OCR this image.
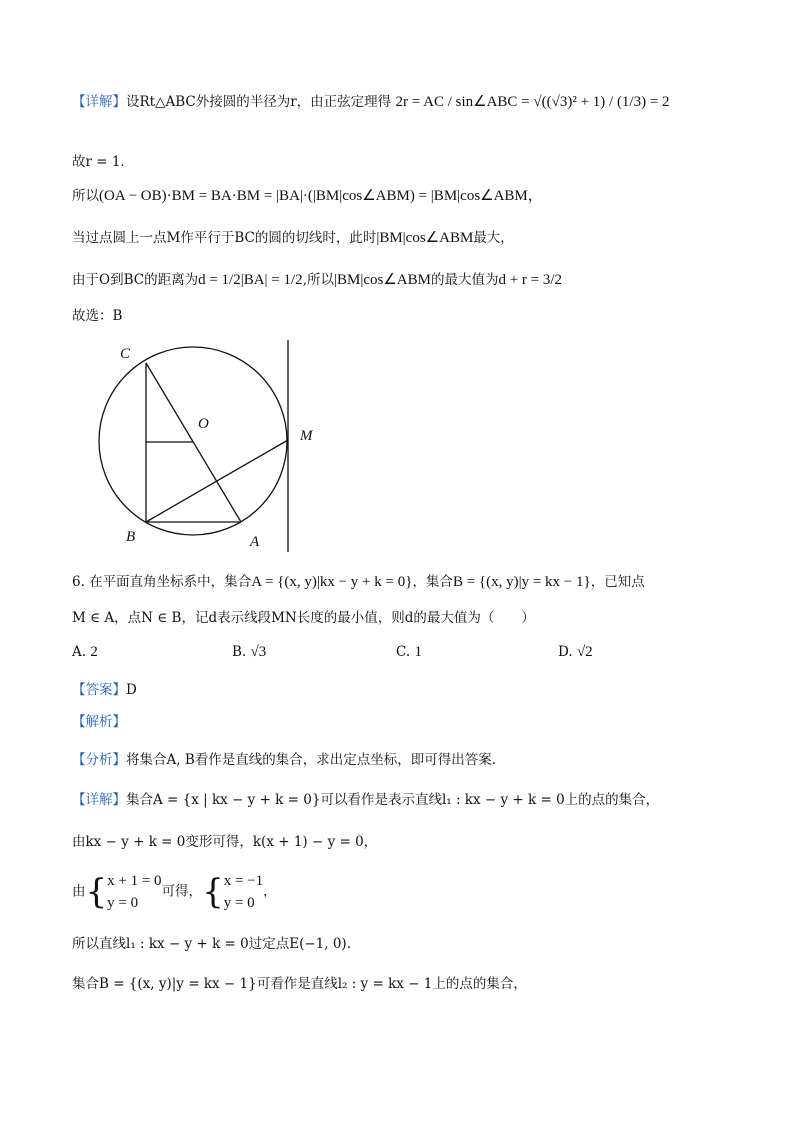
【详解】设Rt△ABC外接圆的半径为r，由正弦定理得 2r = AC / sin∠ABC = √((√3)² + 1) / (1/3) = 2
故r = 1．
所以(OA − OB)·BM = BA·BM = |BA|·(|BM|cos∠ABM) = |BM|cos∠ABM，
当过点圆上一点M作平行于BC的圆的切线时，此时|BM|cos∠ABM最大，
由于O到BC的距离为d = 1/2|BA| = 1/2,所以|BM|cos∠ABM的最大值为d + r = 3/2
故选：B
C
O
M
B	A
6. 在平面直角坐标系中，集合A = {(x, y)|kx − y + k = 0}，集合B = {(x, y)|y = kx − 1}，已知点
M ∈ A，点N ∈ B，记d表示线段MN长度的最小值，则d的最大值为（　　）
A. 2	B. √3	C. 1	D. √2
【答案】D
【解析】
【分析】将集合A, B看作是直线的集合，求出定点坐标，即可得出答案.
【详解】集合A = {x | kx − y + k = 0}可以看作是表示直线l₁ : kx − y + k = 0上的点的集合，
由kx − y + k = 0变形可得，k(x + 1) − y = 0，
由{ x + 1 = 0
y = 0
可得，{ x = −1
y = 0
，
所以直线l₁ : kx − y + k = 0过定点E(−1, 0).
集合B = {(x, y)|y = kx − 1}可看作是直线l₂ : y = kx − 1上的点的集合，
